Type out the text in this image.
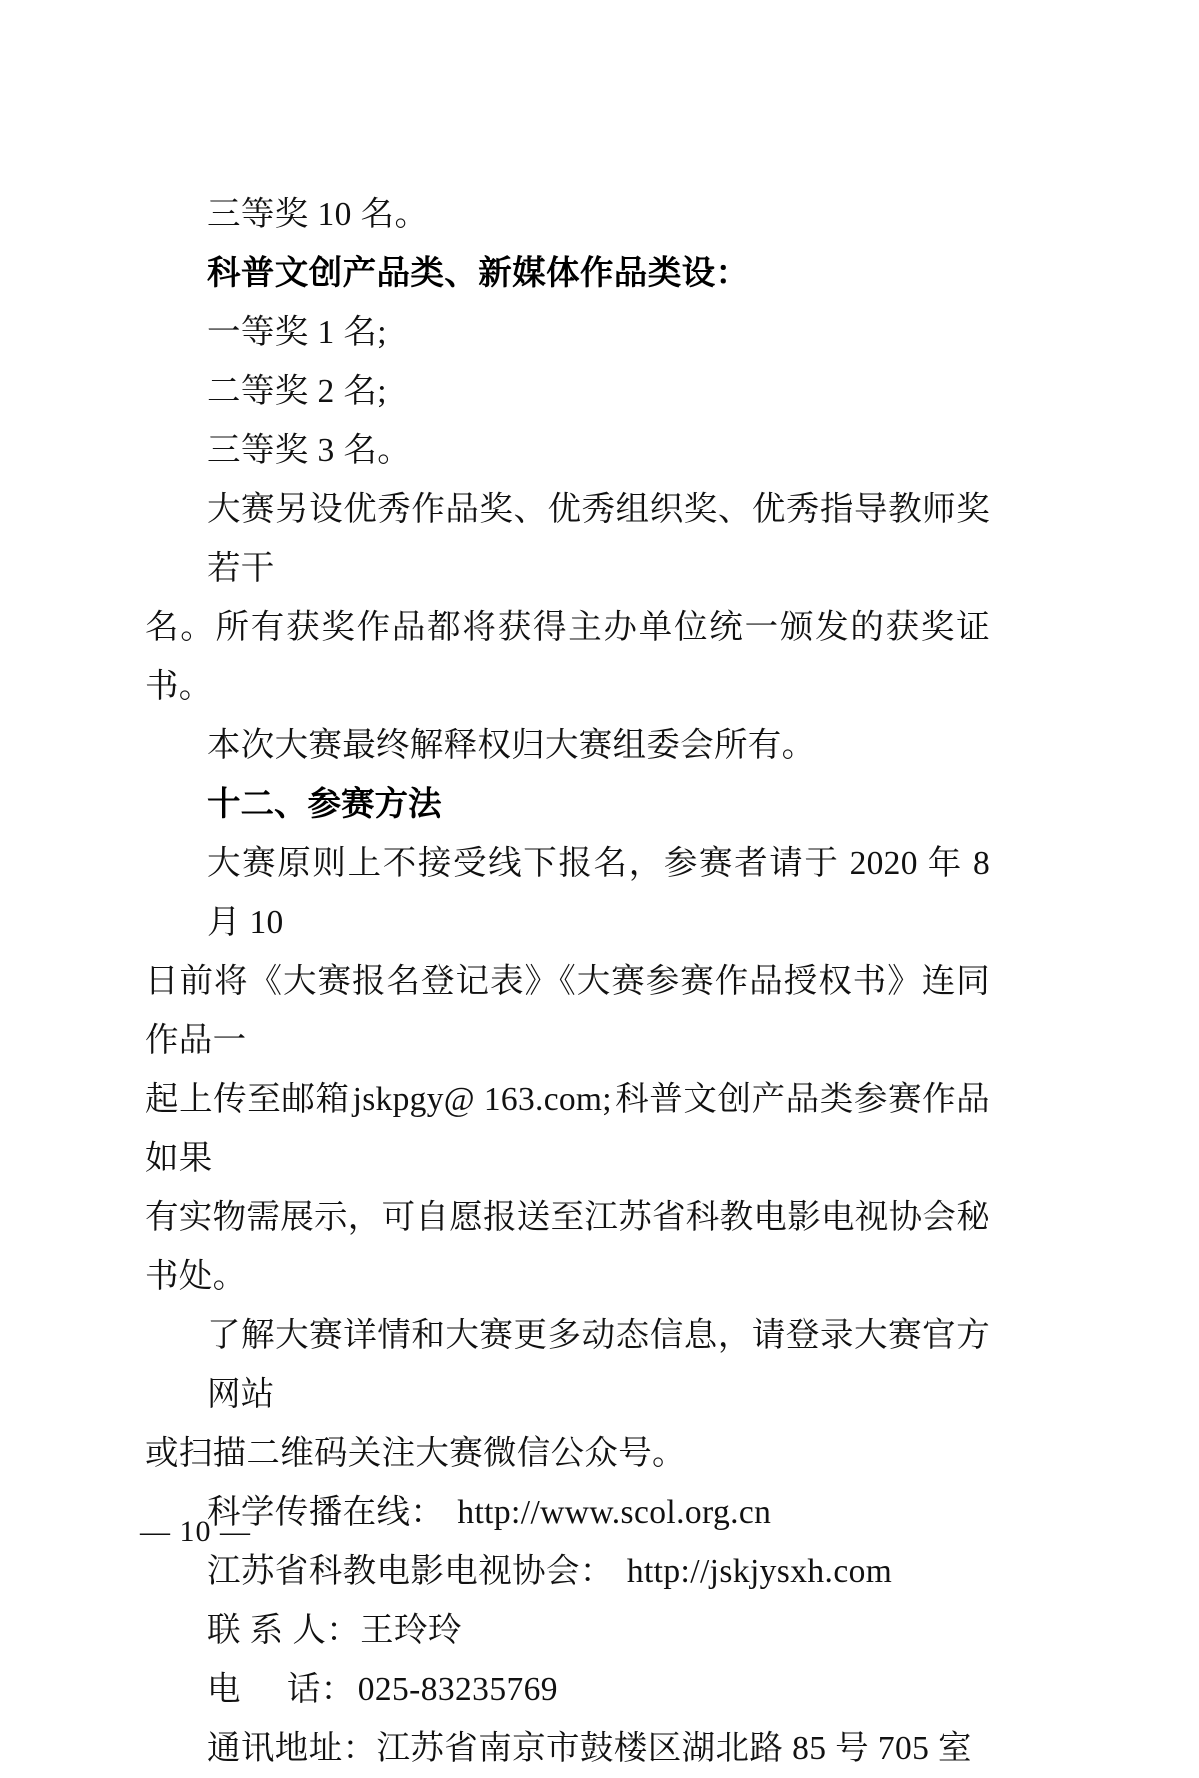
三等奖 10 名。
科普文创产品类、新媒体作品类设：
一等奖 1 名;
二等奖 2 名;
三等奖 3 名。
大赛另设优秀作品奖、优秀组织奖、优秀指导教师奖若干
名。所有获奖作品都将获得主办单位统一颁发的获奖证书。
本次大赛最终解释权归大赛组委会所有。
十二、参赛方法
大赛原则上不接受线下报名，参赛者请于 2020 年 8 月 10
日前将《大赛报名登记表》《大赛参赛作品授权书》连同作品一
起上传至邮箱jskpgy@ 163.com;科普文创产品类参赛作品如果
有实物需展示，可自愿报送至江苏省科教电影电视协会秘书处。
了解大赛详情和大赛更多动态信息，请登录大赛官方网站
或扫描二维码关注大赛微信公众号。
科学传播在线： http://www.scol.org.cn
江苏省科教电影电视协会： http://jskjysxh.com
联 系 人：王玲玲
电 话：025-83235769
通讯地址：江苏省南京市鼓楼区湖北路 85 号 705 室
— 10 —
